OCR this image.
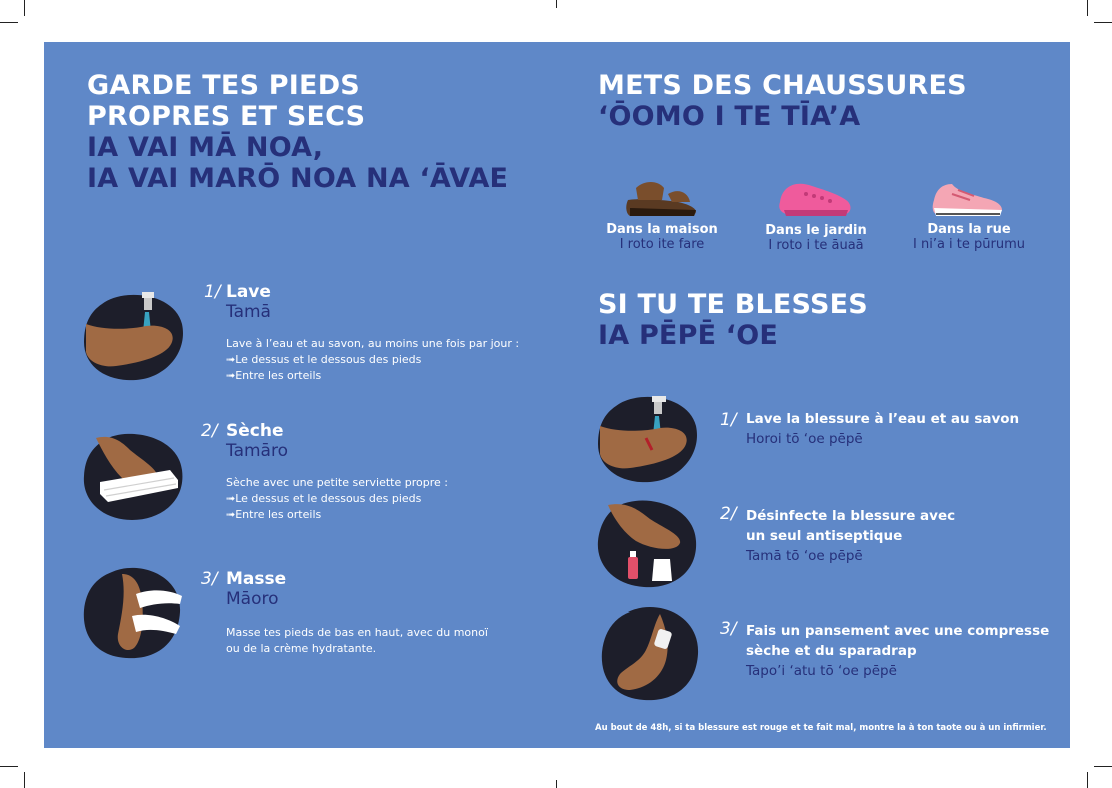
GARDE TES PIEDS
PROPRES ET SECS
IA VAI MĀ NOA,
IA VAI MARŌ NOA NA ‘ĀVAE
1/ Lave
Tamā
Lave à l’eau et au savon, au moins une fois par jour :
➟ Le dessus et le dessous des pieds
➟ Entre les orteils
2/ Sèche
Tamāro
Sèche avec une petite serviette propre :
➟ Le dessus et le dessous des pieds
➟ Entre les orteils
3/ Masse
Māoro
Masse tes pieds de bas en haut, avec du monoï
ou de la crème hydratante.
METS DES CHAUSSURES
‘ŌOMO I TE TĪA’A
Dans la maison
I roto ite fare
Dans le jardin
I roto i te āuaā
Dans la rue
I ni’a i te pūrumu
SI TU TE BLESSES
IA PĒPĒ ‘OE
1/ Lave la blessure à l’eau et au savon
Horoi tō ‘oe pēpē
2/ Désinfecte la blessure avec
un seul antiseptique
Tamā tō ‘oe pēpē
3/ Fais un pansement avec une compresse
sèche et du sparadrap
Tapo’i ‘atu tō ‘oe pēpē
Au bout de 48h, si ta blessure est rouge et te fait mal, montre la à ton taote ou à un infirmier.
